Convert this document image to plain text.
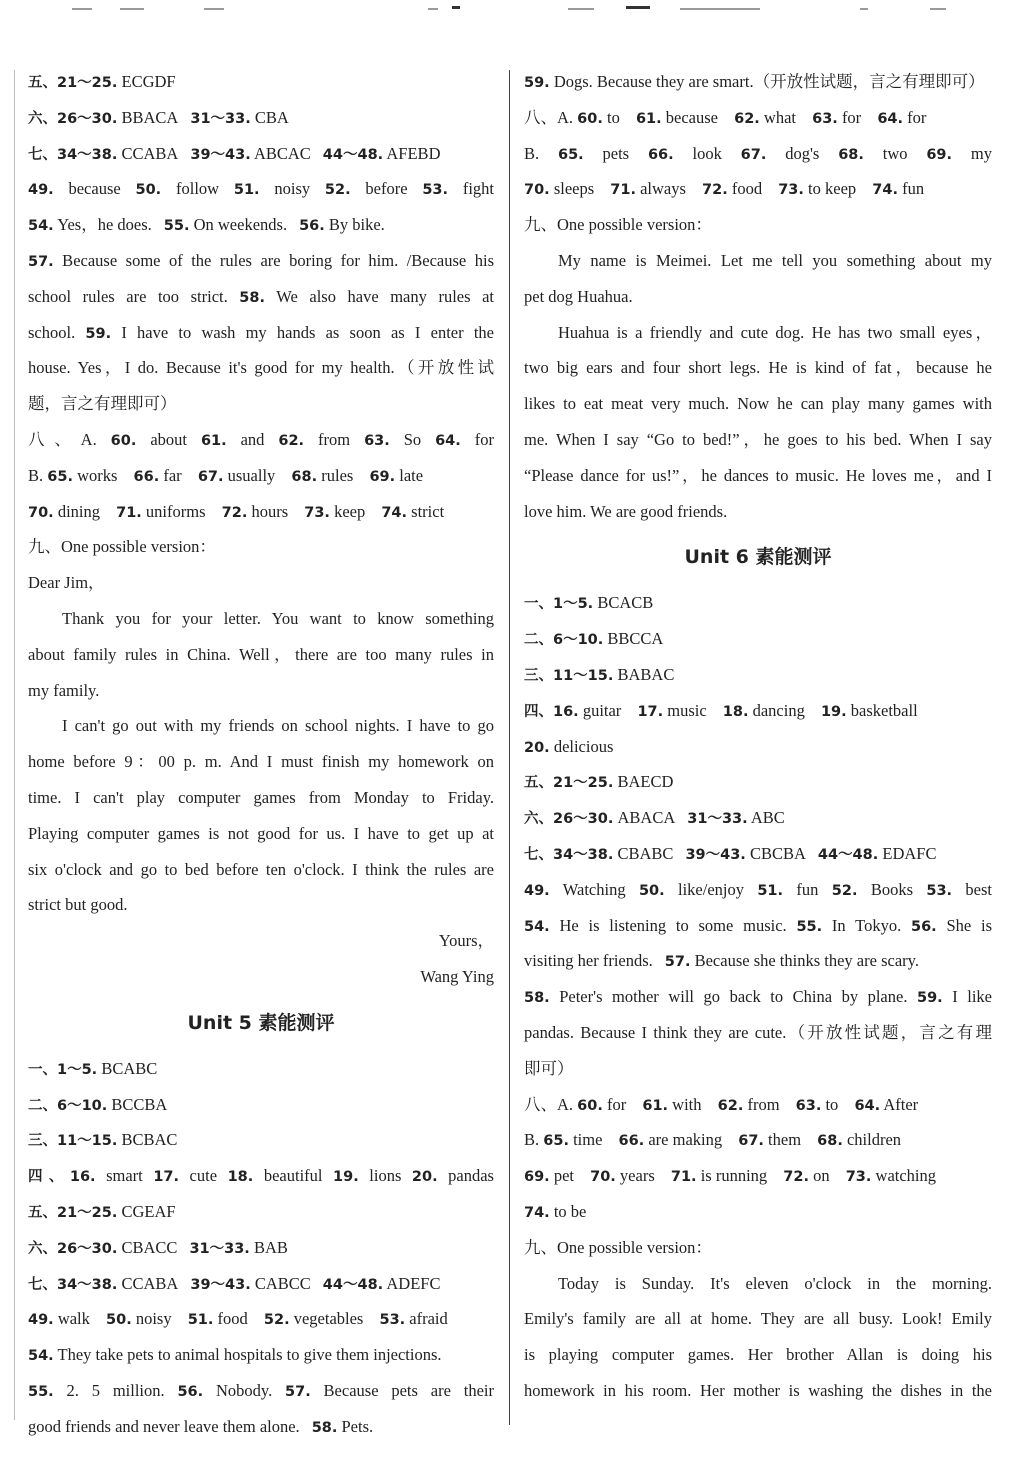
五、21～25. ECGDF
六、26～30. BBACA 31～33. CBA
七、34～38. CCABA 39～43. ABCAC 44～48. AFEBD
49. because 50. follow 51. noisy 52. before 53. fight
54. Yes，he does. 55. On weekends. 56. By bike.
57. Because some of the rules are boring for him. /Because his
school rules are too strict. 58. We also have many rules at
school. 59. I have to wash my hands as soon as I enter the
house. Yes，I do. Because it's good for my health.（开放性试
题，言之有理即可）
八、A. 60. about 61. and 62. from 63. So 64. for
B. 65. works 66. far 67. usually 68. rules 69. late
70. dining 71. uniforms 72. hours 73. keep 74. strict
九、One possible version：
Dear Jim，
Thank you for your letter. You want to know something
about family rules in China. Well，there are too many rules in
my family.
I can't go out with my friends on school nights. I have to go
home before 9：00 p. m. And I must finish my homework on
time. I can't play computer games from Monday to Friday.
Playing computer games is not good for us. I have to get up at
six o'clock and go to bed before ten o'clock. I think the rules are
strict but good.
Yours，
Wang Ying
Unit 5 素能测评
一、1～5. BCABC
二、6～10. BCCBA
三、11～15. BCBAC
四、16. smart 17. cute 18. beautiful 19. lions 20. pandas
五、21～25. CGEAF
六、26～30. CBACC 31～33. BAB
七、34～38. CCABA 39～43. CABCC 44～48. ADEFC
49. walk 50. noisy 51. food 52. vegetables 53. afraid
54. They take pets to animal hospitals to give them injections.
55. 2. 5 million. 56. Nobody. 57. Because pets are their
good friends and never leave them alone. 58. Pets.
59. Dogs. Because they are smart.（开放性试题，言之有理即可）
八、A. 60. to 61. because 62. what 63. for 64. for
B. 65. pets 66. look 67. dog's 68. two 69. my
70. sleeps 71. always 72. food 73. to keep 74. fun
九、One possible version：
My name is Meimei. Let me tell you something about my
pet dog Huahua.
Huahua is a friendly and cute dog. He has two small eyes，
two big ears and four short legs. He is kind of fat，because he
likes to eat meat very much. Now he can play many games with
me. When I say “Go to bed!”，he goes to his bed. When I say
“Please dance for us!”，he dances to music. He loves me，and I
love him. We are good friends.
Unit 6 素能测评
一、1～5. BCACB
二、6～10. BBCCA
三、11～15. BABAC
四、16. guitar 17. music 18. dancing 19. basketball
20. delicious
五、21～25. BAECD
六、26～30. ABACA 31～33. ABC
七、34～38. CBABC 39～43. CBCBA 44～48. EDAFC
49. Watching 50. like/enjoy 51. fun 52. Books 53. best
54. He is listening to some music. 55. In Tokyo. 56. She is
visiting her friends. 57. Because she thinks they are scary.
58. Peter's mother will go back to China by plane. 59. I like
pandas. Because I think they are cute.（开放性试题，言之有理
即可）
八、A. 60. for 61. with 62. from 63. to 64. After
B. 65. time 66. are making 67. them 68. children
69. pet 70. years 71. is running 72. on 73. watching
74. to be
九、One possible version：
Today is Sunday. It's eleven o'clock in the morning.
Emily's family are all at home. They are all busy. Look! Emily
is playing computer games. Her brother Allan is doing his
homework in his room. Her mother is washing the dishes in the
